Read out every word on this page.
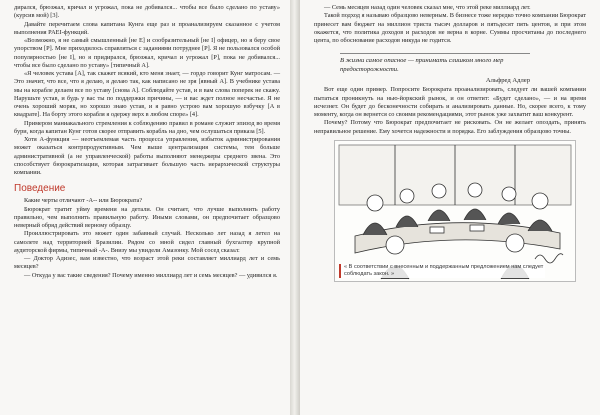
дирался, брюзжал, кричал и угрожал, пока не добивался... чтобы все было сделано по уставу» (курсив мой) [3].

Давайте перечитаем слова капитана Кунга еще раз и проанализируем сказанное с учетом выполнения PAEI-функций.

«Возможно, я не самый смышленный [не E] и сообразительный [не I] офицер, но я беру свое упорством [P]. Мне приходилось справляться с заданиями потруднее [P]. Я не пользовался особой популярностью [не I], но я придирался, брюзжал, кричал и угрожал [P], пока не добивался... чтобы все было сделано по уставу» [типичный A].

«Я человек устава [A], так скажет всякий, кто меня знает, — гордо говорит Кунг матросам. — Это значит, что все, что я делаю, я делаю так, как написано не зря [явный A]. В учебнике устава мы на корабле делаем все по уставу [снова A]. Соблюдайте устав, и в вам слова поперек не скажу. Нарушьте устав, и будь у вас ты по поддержки причины, — и вас ждет полное несчастье. Я не очень хороший моряк, но хорошо знаю устав, и я равно устрою вам хорошую взбучку [A в квадрате]. На борту этого корабля я одержу верх в любом споре» [4].

Примером маниакального стремления к соблюдению правил в романе служит эпизод во время бури, когда капитан Кунг готов скорее отправить корабль на дно, чем ослушаться приказа [5].

Хотя A-функция — неотъемлемая часть процесса управления, избыток администрирования может оказаться контрпродуктивным. Чем выше централизация системы, тем больше административной (а не управленческой) работы выполняют менеджеры среднего звена. Это способствует бюрократизации, которая затрагивает большую часть иерархической структуры компании.

Поведение

Какие черты отличают -A-- или Бюрократа?

Бюрократ тратит уйму времени на детали. Он считает, что лучше выполнить работу правильно, чем выполнить правильную работу. Иными словами, он предпочитает образцово неверный обряд действий верному образцу.

Проиллюстрировать это может один забавный случай. Несколько лет назад я летел на самолете над территорией Бразилии. Рядом со мной сидел главный бухгалтер крупной аудиторской фирмы, типичный -A-. Внизу мы увидели Амазонку. Мой сосед сказал:

— Доктор Адизес, вам известно, что возраст этой реки составляет миллиард лет и семь месяцев?

— Откуда у вас такие сведения? Почему именно миллиард лет и семь месяцев? — удивился я.

— Семь месяцев назад один человек сказал мне, что этой реке миллиард лет.

Такой подход я называю образцово неверным. В бизнесе тоже нередко точно компании Бюрократ принесет вам бюджет на миллион триста тысяч долларов и пятьдесят пять центов, и при этом окажется, что политика доходов и расходов не верна в корне. Суммы просчитаны до последнего цента, по обоснование расходов никуда не годится.

В жизни самое опасное — принимать слишком много мер предосторожности.

Альфред Адлер

Вот еще один пример. Попросите Бюрократа проанализировать, следует ли вашей компании пытаться проникнуть на нью-йоркский рынок, и он ответит: «Будет сделано», — и на время исчезнет. Он будет до бесконечности собирать и анализировать данные. Но, скорее всего, к тому моменту, когда он вернется со своими рекомендациями, этот рынок уже захватит ваш конкурент.

Почему? Потому что Бюрократ предпочитает не рисковать. Он не желает опоздать, принять неправильное решение. Ему хочется надежности и порядка. Его заблуждения образцово точны.

« В соответствии с внесенным и поддержанным предложением нам следует соблюдать закон. »
